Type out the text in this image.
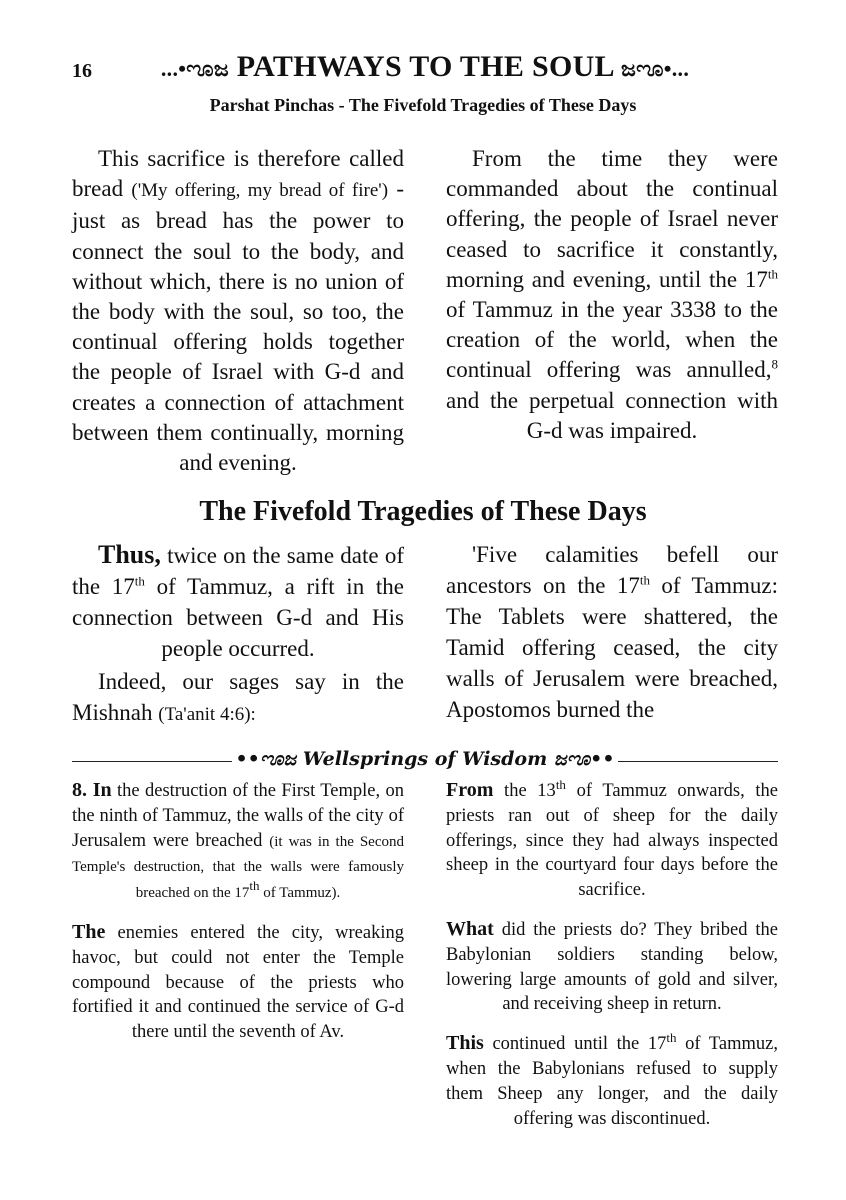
16	...•ೡಜ PATHWAYS TO THE SOUL ಜೡ•...
Parshat Pinchas - The Fivefold Tragedies of These Days

This sacrifice is therefore called bread ('My offering, my bread of fire') - just as bread has the power to connect the soul to the body, and without which, there is no union of the body with the soul, so too, the continual offering holds together the people of Israel with G-d and creates a connection of attachment between them continually, morning and evening.

From the time they were commanded about the continual offering, the people of Israel never ceased to sacrifice it constantly, morning and evening, until the 17th of Tammuz in the year 3338 to the creation of the world, when the continual offering was annulled,$^8$ and the perpetual connection with G-d was impaired.

The Fivefold Tragedies of These Days

Thus, twice on the same date of the 17th of Tammuz, a rift in the connection between G-d and His people occurred.

Indeed, our sages say in the Mishnah (Ta'anit 4:6):

'Five calamities befell our ancestors on the 17th of Tammuz: The Tablets were shattered, the Tamid offering ceased, the city walls of Jerusalem were breached, Apostomos burned the

••ೡಜ Wellsprings of Wisdom ಜೡ••

8. In the destruction of the First Temple, on the ninth of Tammuz, the walls of the city of Jerusalem were breached (it was in the Second Temple's destruction, that the walls were famously breached on the 17th of Tammuz).

The enemies entered the city, wreaking havoc, but could not enter the Temple compound because of the priests who fortified it and continued the service of G-d there until the seventh of Av.

From the 13th of Tammuz onwards, the priests ran out of sheep for the daily offerings, since they had always inspected sheep in the courtyard four days before the sacrifice.

What did the priests do? They bribed the Babylonian soldiers standing below, lowering large amounts of gold and silver, and receiving sheep in return.

This continued until the 17th of Tammuz, when the Babylonians refused to supply them Sheep any longer, and the daily offering was discontinued.
